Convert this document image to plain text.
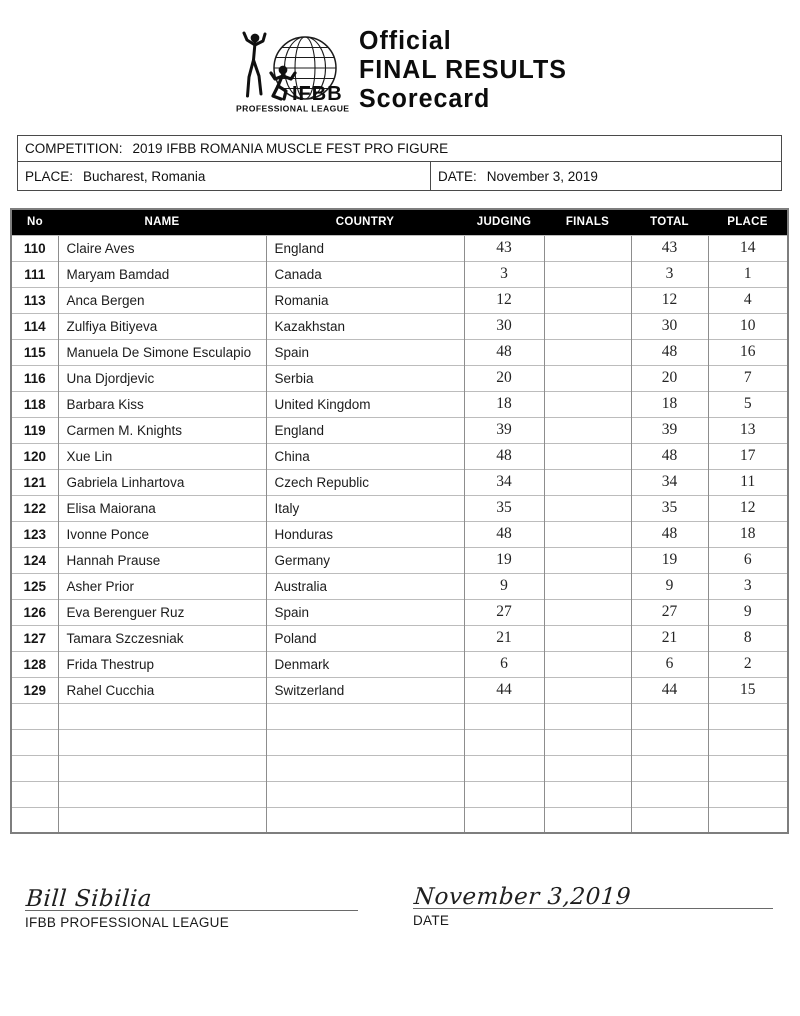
IFBB
PROFESSIONAL LEAGUE
Official
FINAL RESULTS
Scorecard
COMPETITION: 2019 IFBB ROMANIA MUSCLE FEST PRO FIGURE
PLACE: Bucharest, Romania	DATE: November 3, 2019
No	NAME	COUNTRY	JUDGING	FINALS	TOTAL	PLACE
110	Claire Aves	England	43		43	14
111	Maryam Bamdad	Canada	3		3	1
113	Anca Bergen	Romania	12		12	4
114	Zulfiya Bitiyeva	Kazakhstan	30		30	10
115	Manuela De Simone Esculapio	Spain	48		48	16
116	Una Djordjevic	Serbia	20		20	7
118	Barbara Kiss	United Kingdom	18		18	5
119	Carmen M. Knights	England	39		39	13
120	Xue Lin	China	48		48	17
121	Gabriela Linhartova	Czech Republic	34		34	11
122	Elisa Maiorana	Italy	35		35	12
123	Ivonne Ponce	Honduras	48		48	18
124	Hannah Prause	Germany	19		19	6
125	Asher Prior	Australia	9		9	3
126	Eva Berenguer Ruz	Spain	27		27	9
127	Tamara Szczesniak	Poland	21		21	8
128	Frida Thestrup	Denmark	6		6	2
129	Rahel Cucchia	Switzerland	44		44	15

Bill Sibilia
IFBB PROFESSIONAL LEAGUE
November 3,2019
DATE
